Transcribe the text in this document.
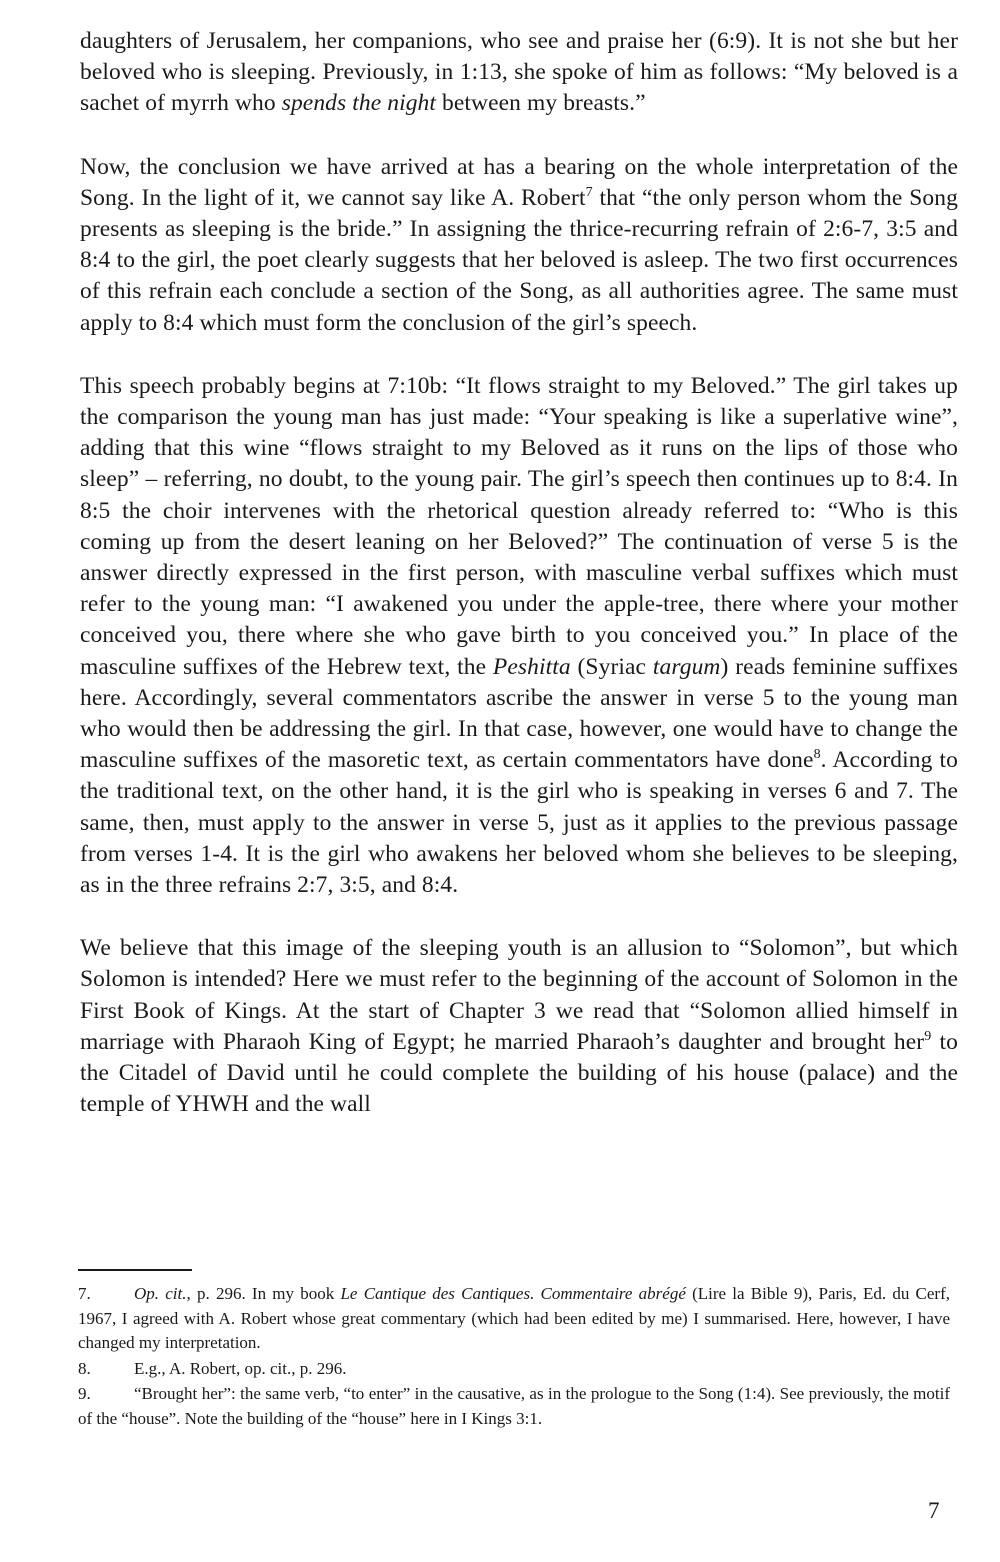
daughters of Jerusalem, her companions, who see and praise her (6:9). It is not she but her beloved who is sleeping. Previously, in 1:13, she spoke of him as follows: “My beloved is a sachet of myrrh who spends the night between my breasts.”

Now, the conclusion we have arrived at has a bearing on the whole interpretation of the Song. In the light of it, we cannot say like A. Robert$^7$ that “the only person whom the Song presents as sleeping is the bride.” In assigning the thrice-recurring refrain of 2:6-7, 3:5 and 8:4 to the girl, the poet clearly suggests that her beloved is asleep. The two first occurrences of this refrain each conclude a section of the Song, as all authorities agree. The same must apply to 8:4 which must form the conclusion of the girl’s speech.

This speech probably begins at 7:10b: “It flows straight to my Beloved.” The girl takes up the comparison the young man has just made: “Your speaking is like a superlative wine”, adding that this wine “flows straight to my Beloved as it runs on the lips of those who sleep” – referring, no doubt, to the young pair. The girl’s speech then continues up to 8:4. In 8:5 the choir intervenes with the rhetorical question already referred to: “Who is this coming up from the desert leaning on her Beloved?” The continuation of verse 5 is the answer directly expressed in the first person, with masculine verbal suffixes which must refer to the young man: “I awakened you under the apple-tree, there where your mother conceived you, there where she who gave birth to you conceived you.” In place of the masculine suffixes of the Hebrew text, the Peshitta (Syriac targum) reads feminine suffixes here. Accordingly, several commentators ascribe the answer in verse 5 to the young man who would then be addressing the girl. In that case, however, one would have to change the masculine suffixes of the masoretic text, as certain commentators have done$^8$. According to the traditional text, on the other hand, it is the girl who is speaking in verses 6 and 7. The same, then, must apply to the answer in verse 5, just as it applies to the previous passage from verses 1-4. It is the girl who awakens her beloved whom she believes to be sleeping, as in the three refrains 2:7, 3:5, and 8:4.

We believe that this image of the sleeping youth is an allusion to “Solomon”, but which Solomon is intended? Here we must refer to the beginning of the account of Solomon in the First Book of Kings. At the start of Chapter 3 we read that “Solomon allied himself in marriage with Pharaoh King of Egypt; he married Pharaoh’s daughter and brought her$^9$ to the Citadel of David until he could complete the building of his house (palace) and the temple of YHWH and the wall

7.	Op. cit., p. 296. In my book Le Cantique des Cantiques. Commentaire abrégé (Lire la Bible 9), Paris, Ed. du Cerf, 1967, I agreed with A. Robert whose great commentary (which had been edited by me) I summarised. Here, however, I have changed my interpretation.

8.	E.g., A. Robert, op. cit., p. 296.

9.	“Brought her”: the same verb, “to enter” in the causative, as in the prologue to the Song (1:4). See previously, the motif of the “house”. Note the building of the “house” here in I Kings 3:1.

7
